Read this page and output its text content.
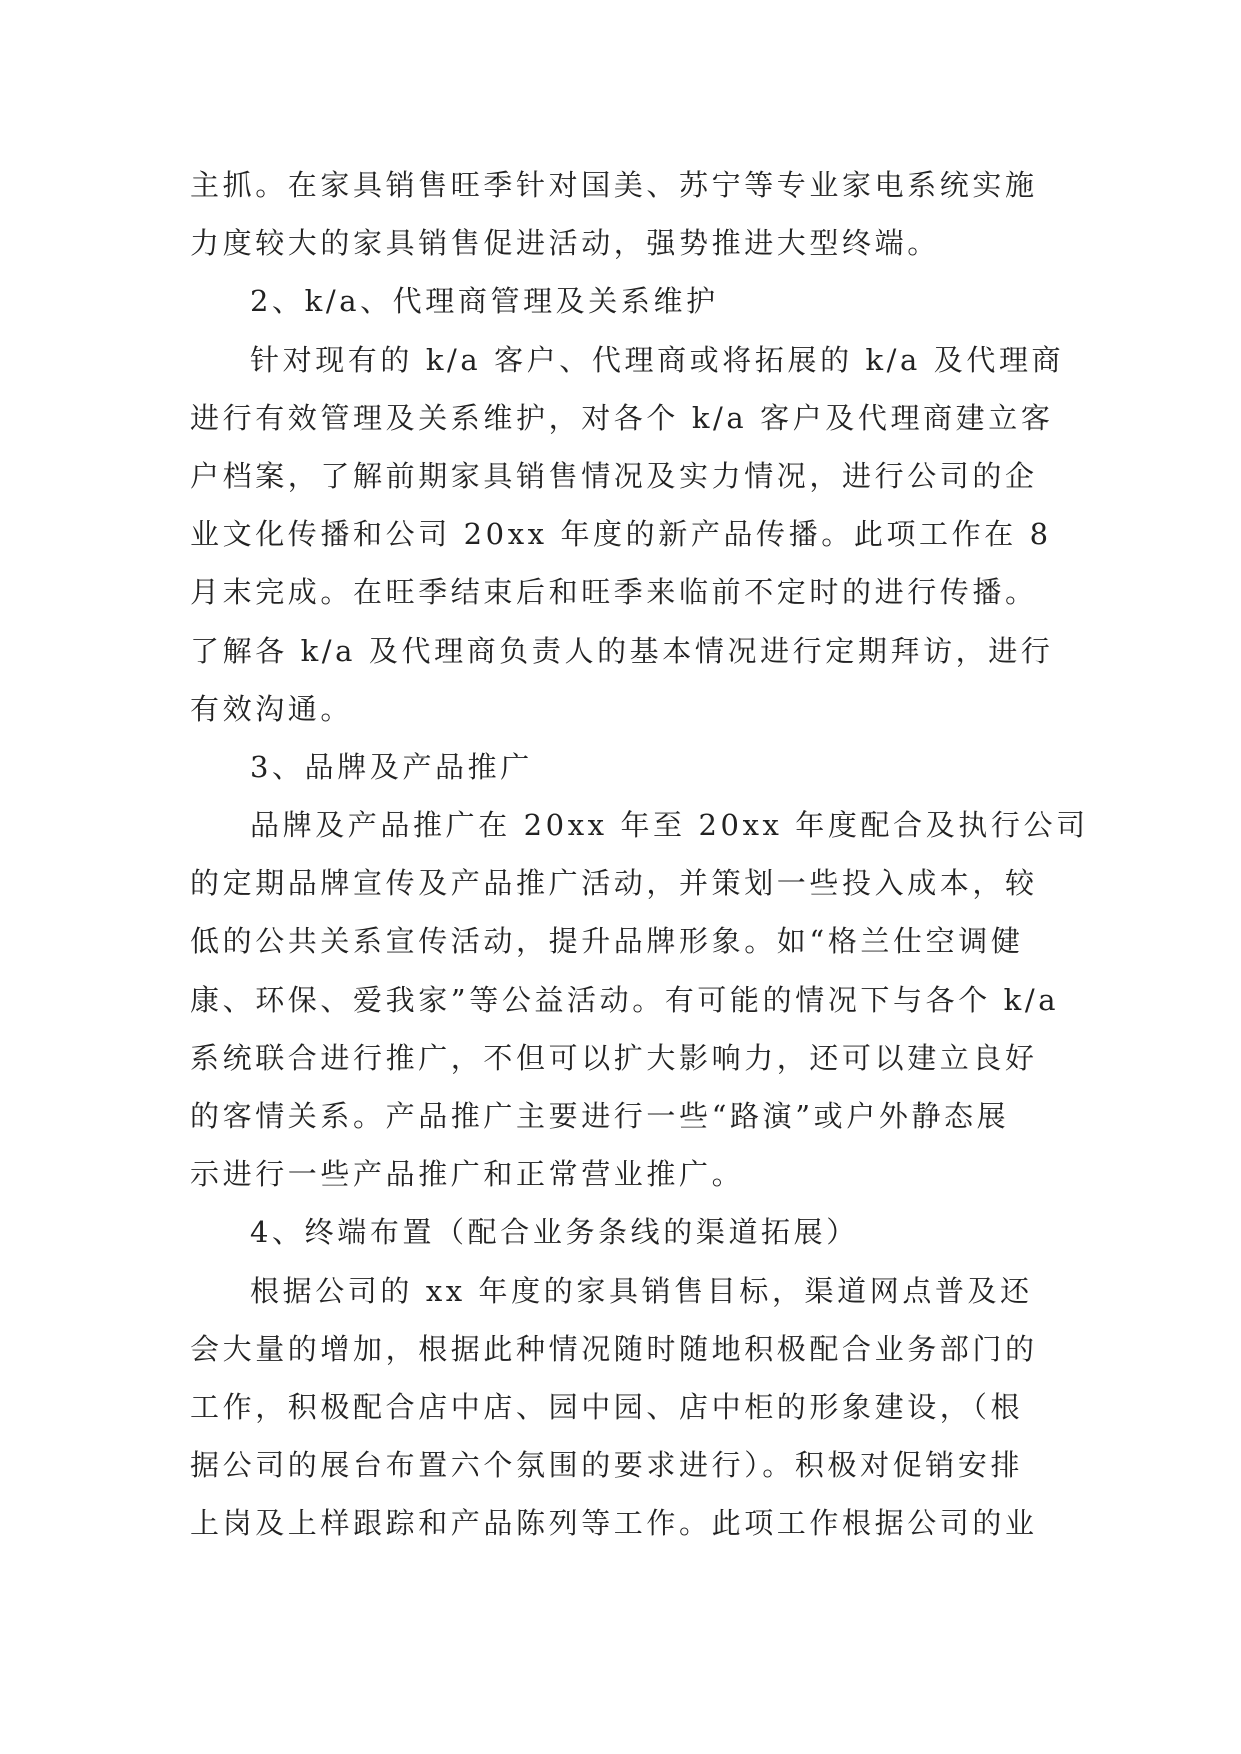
主抓。在家具销售旺季针对国美、苏宁等专业家电系统实施
力度较大的家具销售促进活动，强势推进大型终端。
2、k/a、代理商管理及关系维护
针对现有的 k/a 客户、代理商或将拓展的 k/a 及代理商
进行有效管理及关系维护，对各个 k/a 客户及代理商建立客
户档案，了解前期家具销售情况及实力情况，进行公司的企
业文化传播和公司 20xx 年度的新产品传播。此项工作在 8
月末完成。在旺季结束后和旺季来临前不定时的进行传播。
了解各 k/a 及代理商负责人的基本情况进行定期拜访，进行
有效沟通。
3、品牌及产品推广
品牌及产品推广在 20xx 年至 20xx 年度配合及执行公司
的定期品牌宣传及产品推广活动，并策划一些投入成本，较
低的公共关系宣传活动，提升品牌形象。如“格兰仕空调健
康、环保、爱我家”等公益活动。有可能的情况下与各个 k/a
系统联合进行推广，不但可以扩大影响力，还可以建立良好
的客情关系。产品推广主要进行一些“路演”或户外静态展
示进行一些产品推广和正常营业推广。
4、终端布置（配合业务条线的渠道拓展）
根据公司的 xx 年度的家具销售目标，渠道网点普及还
会大量的增加，根据此种情况随时随地积极配合业务部门的
工作，积极配合店中店、园中园、店中柜的形象建设，（根
据公司的展台布置六个氛围的要求进行）。积极对促销安排
上岗及上样跟踪和产品陈列等工作。此项工作根据公司的业
